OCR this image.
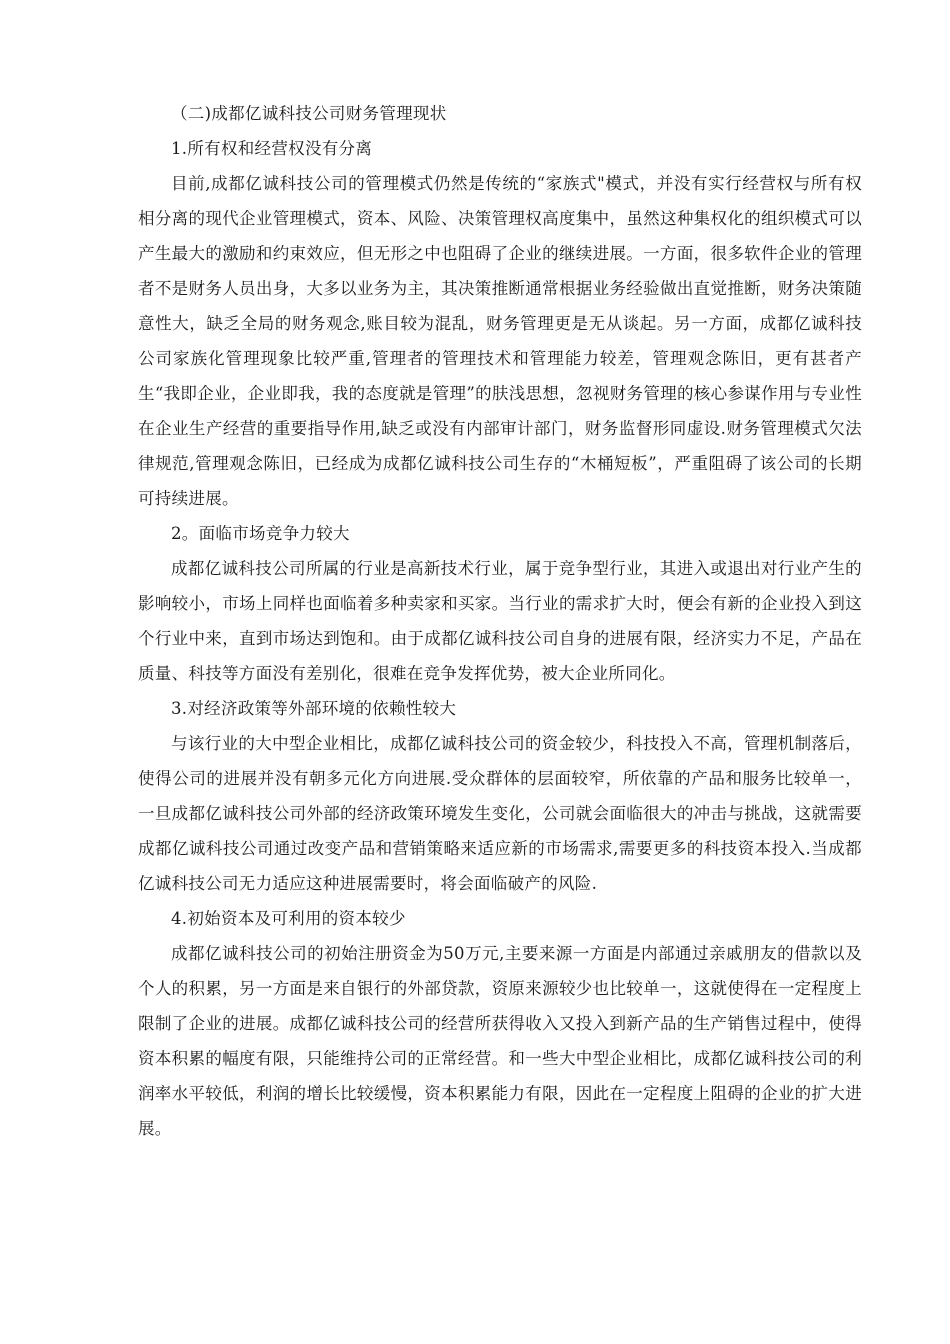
（二)成都亿诚科技公司财务管理现状

1.所有权和经营权没有分离

目前,成都亿诚科技公司的管理模式仍然是传统的“家族式"模式，并没有实行经营权与所有权相分离的现代企业管理模式，资本、风险、决策管理权高度集中，虽然这种集权化的组织模式可以产生最大的激励和约束效应，但无形之中也阻碍了企业的继续进展。一方面，很多软件企业的管理者不是财务人员出身，大多以业务为主，其决策推断通常根据业务经验做出直觉推断，财务决策随意性大，缺乏全局的财务观念,账目较为混乱，财务管理更是无从谈起。另一方面，成都亿诚科技公司家族化管理现象比较严重,管理者的管理技术和管理能力较差，管理观念陈旧，更有甚者产生“我即企业，企业即我，我的态度就是管理”的肤浅思想，忽视财务管理的核心参谋作用与专业性在企业生产经营的重要指导作用,缺乏或没有内部审计部门，财务监督形同虚设.财务管理模式欠法律规范,管理观念陈旧，已经成为成都亿诚科技公司生存的“木桶短板”，严重阻碍了该公司的长期可持续进展。

2。面临市场竞争力较大

成都亿诚科技公司所属的行业是高新技术行业，属于竞争型行业，其进入或退出对行业产生的影响较小，市场上同样也面临着多种卖家和买家。当行业的需求扩大时，便会有新的企业投入到这个行业中来，直到市场达到饱和。由于成都亿诚科技公司自身的进展有限，经济实力不足，产品在质量、科技等方面没有差别化，很难在竞争发挥优势，被大企业所同化。

3.对经济政策等外部环境的依赖性较大

与该行业的大中型企业相比，成都亿诚科技公司的资金较少，科技投入不高，管理机制落后，使得公司的进展并没有朝多元化方向进展.受众群体的层面较窄，所依靠的产品和服务比较单一，一旦成都亿诚科技公司外部的经济政策环境发生变化，公司就会面临很大的冲击与挑战，这就需要成都亿诚科技公司通过改变产品和营销策略来适应新的市场需求,需要更多的科技资本投入.当成都亿诚科技公司无力适应这种进展需要时，将会面临破产的风险.

4.初始资本及可利用的资本较少

成都亿诚科技公司的初始注册资金为50万元,主要来源一方面是内部通过亲戚朋友的借款以及个人的积累，另一方面是来自银行的外部贷款，资原来源较少也比较单一，这就使得在一定程度上限制了企业的进展。成都亿诚科技公司的经营所获得收入又投入到新产品的生产销售过程中，使得资本积累的幅度有限，只能维持公司的正常经营。和一些大中型企业相比，成都亿诚科技公司的利润率水平较低，利润的增长比较缓慢，资本积累能力有限，因此在一定程度上阻碍的企业的扩大进展。
